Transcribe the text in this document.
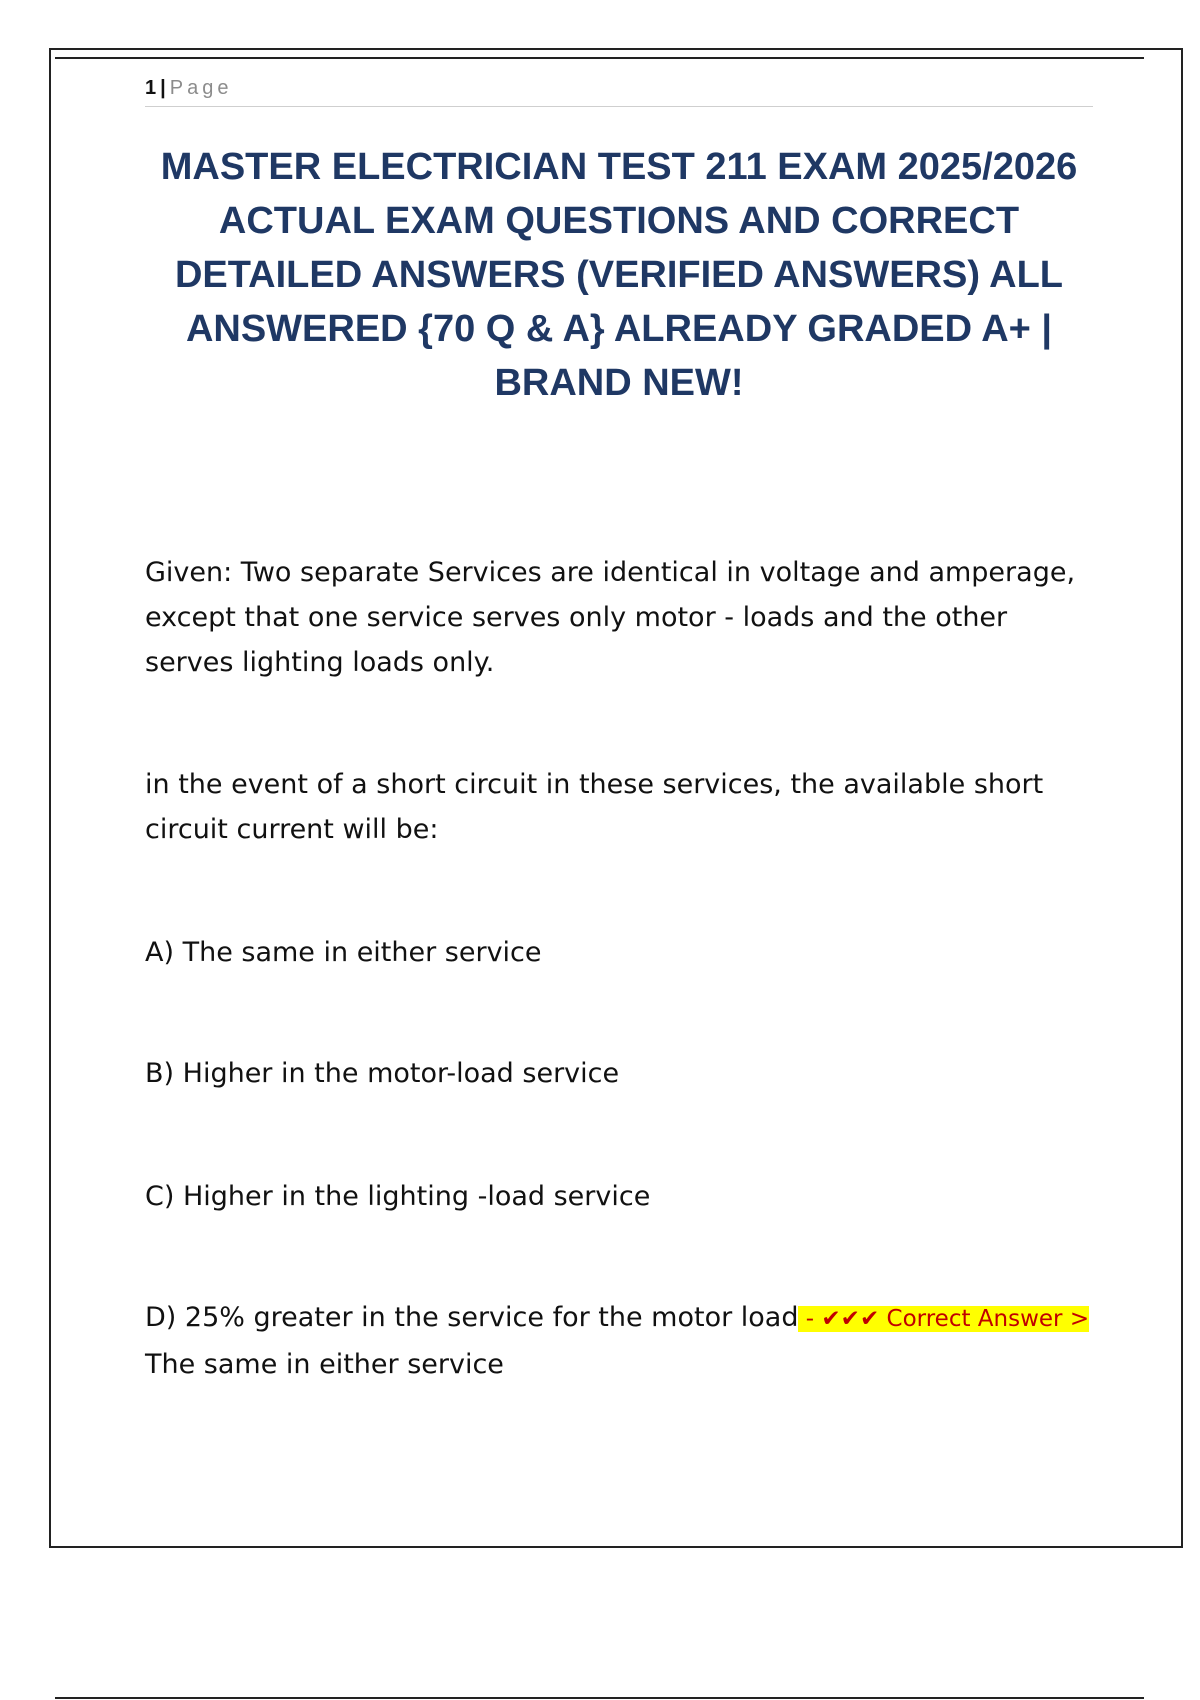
1 | Page
MASTER ELECTRICIAN TEST 211 EXAM 2025/2026 ACTUAL EXAM QUESTIONS AND CORRECT DETAILED ANSWERS (VERIFIED ANSWERS) ALL ANSWERED {70 Q & A} ALREADY GRADED A+ | BRAND NEW!

Given: Two separate Services are identical in voltage and amperage, except that one service serves only motor - loads and the other serves lighting loads only.

in the event of a short circuit in these services, the available short circuit current will be:

A) The same in either service

B) Higher in the motor-load service

C) Higher in the lighting -load service

D) 25% greater in the service for the motor load - ✔✔✔ Correct Answer > The same in either service
